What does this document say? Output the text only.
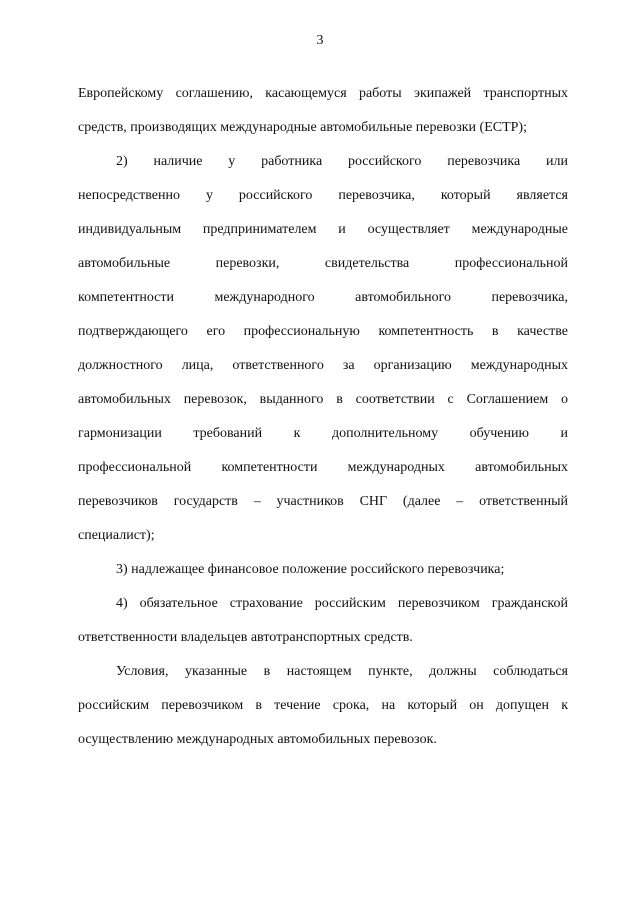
3

Европейскому соглашению, касающемуся работы экипажей транспортных
средств, производящих международные автомобильные перевозки (ЕСТР);

2) наличие у работника российского перевозчика или
непосредственно у российского перевозчика, который является
индивидуальным предпринимателем и осуществляет международные
автомобильные перевозки, свидетельства профессиональной
компетентности международного автомобильного перевозчика,
подтверждающего его профессиональную компетентность в качестве
должностного лица, ответственного за организацию международных
автомобильных перевозок, выданного в соответствии с Соглашением о
гармонизации требований к дополнительному обучению и
профессиональной компетентности международных автомобильных
перевозчиков государств – участников СНГ (далее – ответственный
специалист);

3) надлежащее финансовое положение российского перевозчика;

4) обязательное страхование российским перевозчиком гражданской
ответственности владельцев автотранспортных средств.

Условия, указанные в настоящем пункте, должны соблюдаться
российским перевозчиком в течение срока, на который он допущен к
осуществлению международных автомобильных перевозок.
